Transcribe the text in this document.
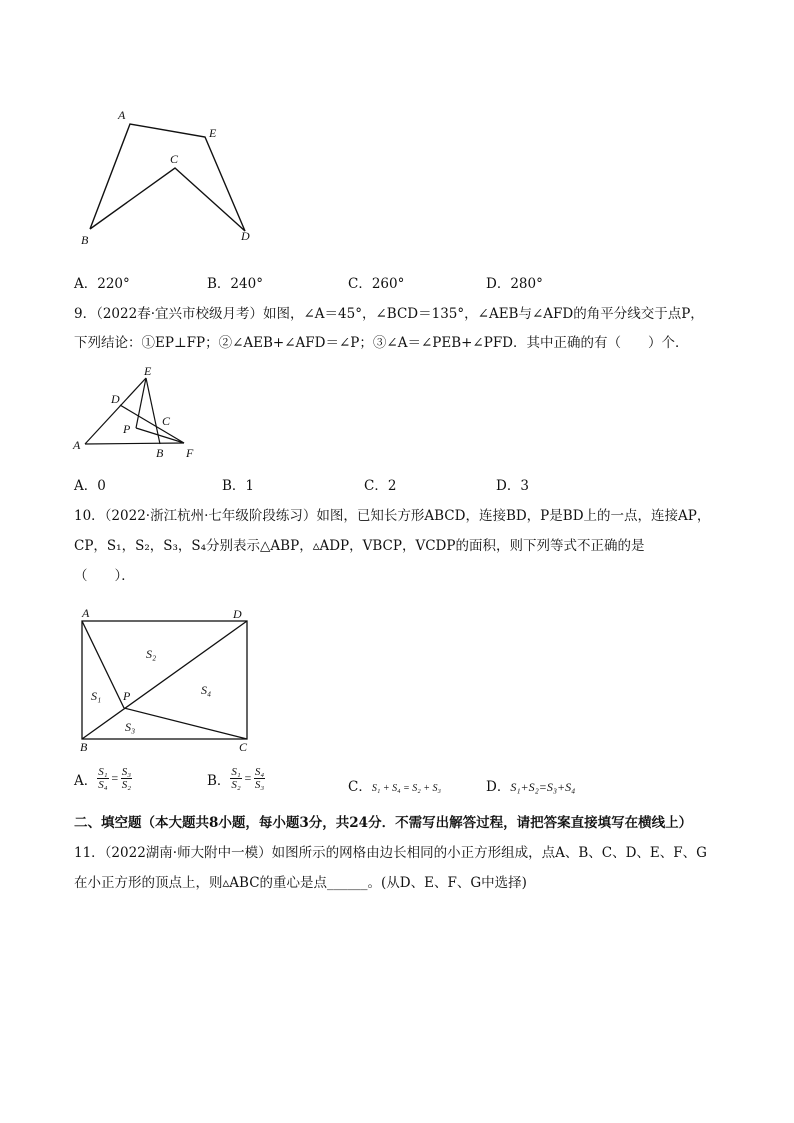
A
E
C
B	D
A．220°	B．240°	C．260°	D．280°
9．（2022春·宜兴市校级月考）如图，∠A＝45°，∠BCD＝135°，∠AEB与∠AFD的角平分线交于点P，
下列结论：①EP⊥FP；②∠AEB+∠AFD＝∠P；③∠A＝∠PEB+∠PFD．其中正确的有（　　）个．
E
D
C
P
A
B F
A．0	B．1	C．2	D．3
10．（2022·浙江杭州·七年级阶段练习）如图，已知长方形ABCD，连接BD，P是BD上的一点，连接AP，
CP，S₁，S₂，S₃，S₄分别表示△ABP，▵ADP，VBCP，VCDP的面积，则下列等式不正确的是
（　　）．
A	D
S₂
S₁ P	S₄
S₃
B	C
A． $\frac{\text{S₁}}{\text{S₄}} = \frac{\text{S₃}}{\text{S₂}}$	B． $\frac{\text{S₁}}{\text{S₂}} = \frac{\text{S₄}}{\text{S₃}}$	C．S₁ + S₄ = S₂ + S₃	D．S₁+S₂=S₃+S₄
二、填空题（本大题共8小题，每小题3分，共24分．不需写出解答过程，请把答案直接填写在横线上）
11．（2022湖南·师大附中一模）如图所示的网格由边长相同的小正方形组成，点A、B、C、D、E、F、G
在小正方形的顶点上，则▵ABC的重心是点______。(从D、E、F、G中选择)
